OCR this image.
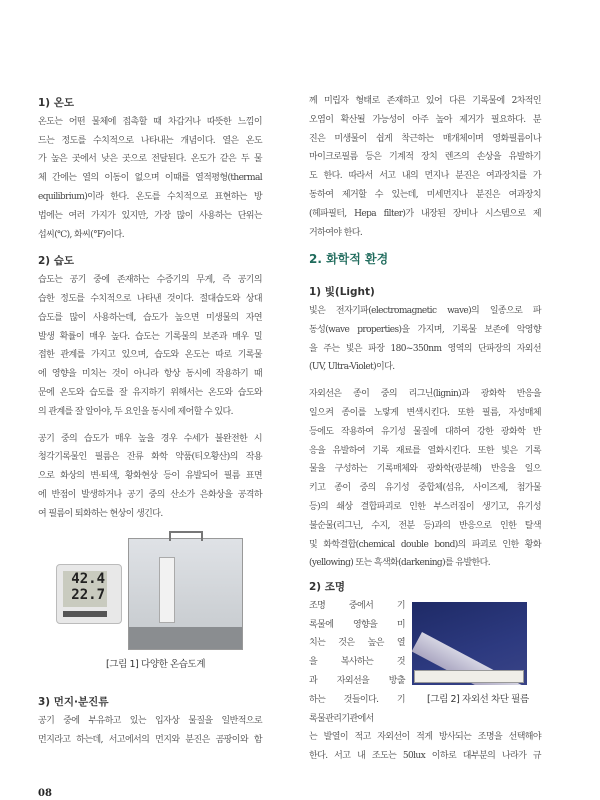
1) 온도
온도는 어떤 물체에 접촉할 때 차갑거나 따뜻한 느낌이
드는 정도를 수치적으로 나타내는 개념이다. 열은 온도
가 높은 곳에서 낮은 곳으로 전달된다. 온도가 같은 두 물
체 간에는 열의 이동이 없으며 이때를 열적평형(thermal
equilibrium)이라 한다. 온도를 수치적으로 표현하는 방
법에는 여러 가지가 있지만, 가장 많이 사용하는 단위는
섭씨(℃), 화씨(°F)이다.
2) 습도
습도는 공기 중에 존재하는 수증기의 무게, 즉 공기의
습한 정도를 수치적으로 나타낸 것이다. 절대습도와 상대
습도를 많이 사용하는데, 습도가 높으면 미생물의 자연
발생 확률이 매우 높다. 습도는 기록물의 보존과 매우 밀
접한 관계를 가지고 있으며, 습도와 온도는 따로 기록물
에 영향을 미치는 것이 아니라 항상 동시에 작용하기 때
문에 온도와 습도를 잘 유지하기 위해서는 온도와 습도와
의 관계를 잘 알아야, 두 요인을 동시에 제어할 수 있다.
공기 중의 습도가 매우 높을 경우 수세가 불완전한 시
청각기록물인 필름은 잔류 화학 약품(티오황산)의 작용
으로 화상의 변·퇴색, 황화현상 등이 유발되어 필름 표면
에 반점이 발생하거나 공기 중의 산소가 은화상을 공격하
여 필름이 퇴화하는 현상이 생긴다.
3) 먼지·분진류
공기 중에 부유하고 있는 입자상 물질을 일반적으로
먼지라고 하는데, 서고에서의 먼지와 분진은 곰팡이와 함
께 미립자 형태로 존재하고 있어 다른 기록물에 2차적인
오염이 확산될 가능성이 아주 높아 제거가 필요하다. 분
진은 미생물이 쉽게 착근하는 매개체이며 영화필름이나
마이크로필름 등은 기계적 장치 렌즈의 손상을 유발하기
도 한다. 따라서 서고 내의 먼지나 분진은 여과장치를 가
동하여 제거할 수 있는데, 미세먼지나 분진은 여과장치
(헤파필터, Hepa filter)가 내장된 장비나 시스템으로 제
거하여야 한다.
2. 화학적 환경
1) 빛(Light)
빛은 전자기파(electromagnetic wave)의 일종으로 파
동성(wave properties)을 가지며, 기록물 보존에 악영향
을 주는 빛은 파장 180~350nm 영역의 단파장의 자외선
(UV, Ultra-Violet)이다.
자외선은 종이 중의 리그닌(lignin)과 광화학 반응을
일으켜 종이를 노랗게 변색시킨다. 또한 필름, 자성매체
등에도 작용하여 유기성 물질에 대하여 강한 광화학 반
응을 유발하여 기록 재료를 열화시킨다. 또한 빛은 기록
물을 구성하는 기록매체와 광화학(광분해) 반응을 일으
키고 종이 중의 유기성 중합체(섬유, 사이즈제, 첨가물
등)의 쇄상 결합파괴로 인한 부스러짐이 생기고, 유기성
불순물(리그닌, 수지, 전분 등)과의 반응으로 인한 탈색
및 화학결합(chemical double bond)의 파괴로 인한 황화
(yellowing) 또는 흑색화(darkening)를 유발한다.
2) 조명
조명 중에서 기
록물에 영향을 미
치는 것은 높은 열
을 복사하는 것
과 자외선을 방출
하는 것들이다. 기
록물관리기관에서
는 발열이 적고 자외선이 적게 방사되는 조명을 선택해야
한다. 서고 내 조도는 50lux 이하로 대부분의 나라가 규
42.4
22.7
[그림 1] 다양한 온습도계
[그림 2] 자외선 차단 필름
08
